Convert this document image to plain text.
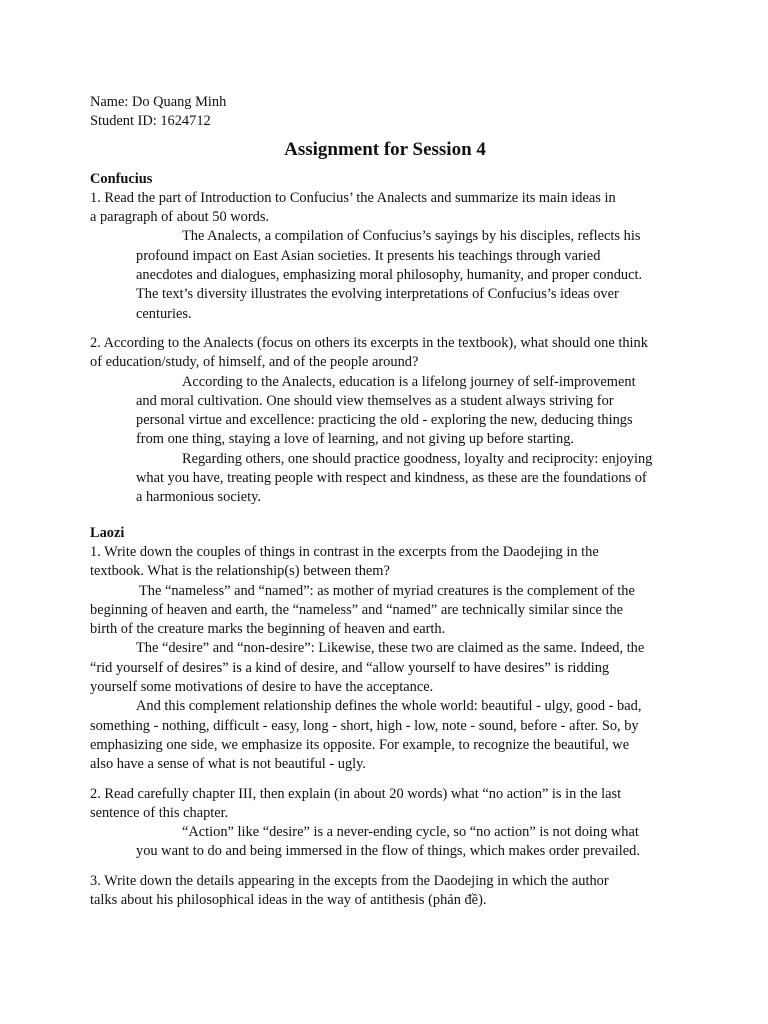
Name: Do Quang Minh
Student ID: 1624712
Assignment for Session 4
Confucius
1. Read the part of Introduction to Confucius’ the Analects and summarize its main ideas in
a paragraph of about 50 words.
The Analects, a compilation of Confucius’s sayings by his disciples, reflects his
profound impact on East Asian societies. It presents his teachings through varied
anecdotes and dialogues, emphasizing moral philosophy, humanity, and proper conduct.
The text’s diversity illustrates the evolving interpretations of Confucius’s ideas over
centuries.
2. According to the Analects (focus on others its excerpts in the textbook), what should one think
of education/study, of himself, and of the people around?
According to the Analects, education is a lifelong journey of self-improvement
and moral cultivation. One should view themselves as a student always striving for
personal virtue and excellence: practicing the old - exploring the new, deducing things
from one thing, staying a love of learning, and not giving up before starting.
Regarding others, one should practice goodness, loyalty and reciprocity: enjoying
what you have, treating people with respect and kindness, as these are the foundations of
a harmonious society.
Laozi
1. Write down the couples of things in contrast in the excerpts from the Daodejing in the
textbook. What is the relationship(s) between them?
The “nameless” and “named”: as mother of myriad creatures is the complement of the
beginning of heaven and earth, the “nameless” and “named” are technically similar since the
birth of the creature marks the beginning of heaven and earth.
The “desire” and “non-desire”: Likewise, these two are claimed as the same. Indeed, the
“rid yourself of desires” is a kind of desire, and “allow yourself to have desires” is ridding
yourself some motivations of desire to have the acceptance.
And this complement relationship defines the whole world: beautiful - ulgy, good - bad,
something - nothing, difficult - easy, long - short, high - low, note - sound, before - after. So, by
emphasizing one side, we emphasize its opposite. For example, to recognize the beautiful, we
also have a sense of what is not beautiful - ugly.
2. Read carefully chapter III, then explain (in about 20 words) what “no action” is in the last
sentence of this chapter.
“Action” like “desire” is a never-ending cycle, so “no action” is not doing what
you want to do and being immersed in the flow of things, which makes order prevailed.
3. Write down the details appearing in the excepts from the Daodejing in which the author
talks about his philosophical ideas in the way of antithesis (phản đề).
